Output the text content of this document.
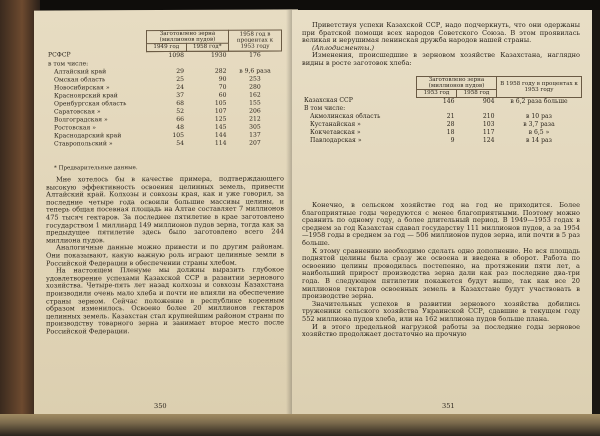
	Заготовлено зерна (миллионов пудов)		1958 год в процентах к 1953 году
	1949 год	1958 год*	
РСФСР	1098	1930	176
в том числе:			
Алтайский край	29	282	в 9,6 раза
Омская область	25	90	253
Новосибирская »	24	70	280
Красноярский край	37	60	162
Оренбургская область	68	105	155
Саратовская »	52	107	206
Волгоградская »	66	125	212
Ростовская »	48	145	305
Краснодарский край	105	144	137
Ставропольский »	54	114	207
* Предварительные данные.

Мне хотелось бы в качестве примера, подтверждающего высокую эффективность освоения целинных земель, привести Алтайский край. Колхозы и совхозы края, как и уже говорил, за последние четыре года освоили большие массивы целины, и теперь общая посевная площадь на Алтае составляет 7 миллионов 475 тысяч гектаров. За последнее пятилетие в крае заготовлено государством 1 миллиард 149 миллионов пудов зерна, тогда как за предыдущее пятилетие здесь было заготовлено всего 244 миллиона пудов.

Аналогичные данные можно привести и по другим районам. Они показывают, какую важную роль играют целинные земли в Российской Федерации в обеспечении страны хлебом.

На настоящем Пленуме мы должны выразить глубокое удовлетворение успехами Казахской ССР в развитии зернового хозяйства. Четыре-пять лет назад колхозы и совхозы Казахстана производили очень мало хлеба и почти не влияли на обеспечение страны зерном. Сейчас положение в республике коренным образом изменилось. Освоено более 20 миллионов гектаров целинных земель. Казахстан стал крупнейшим районом страны по производству товарного зерна и занимает второе место после Российской Федерации.

350

Приветствуя успехи Казахской ССР, надо подчеркнуть, что они одержаны при братской помощи всех народов Советского Союза. В этом проявилась великая и нерушимая ленинская дружба народов нашей страны.

(Аплодисменты.)

Изменения, происшедшие в зерновом хозяйстве Казахстана, наглядно видны в росте заготовок хлеба:

	Заготовлено зерна (миллионов пудов)		В 1958 году в процентах к 1953 году
	1953 год	1958 год	
Казахская ССР	146	904	в 6,2 раза больше
В том числе:			
Акмолинская область	21	210	в 10 раз
Кустанайская »	28	103	в 3,7 раза
Кокчетавская »	18	117	в 6,5 »
Павлодарская »	9	124	в 14 раз

Конечно, в сельском хозяйстве год на год не приходится. Более благоприятные годы чередуются с менее благоприятными. Поэтому можно сравнить по одному году, а более длительный период. В 1949—1953 годах в среднем за год Казахстан сдавал государству 111 миллионов пудов, а за 1954—1958 годы в среднем за год — 506 миллионов пудов зерна, или почти в 5 раз больше.

К этому сравнению необходимо сделать одно дополнение. Не вся площадь поднятой целины была сразу же освоена и введена в оборот. Работа по освоению целины проводилась постепенно, на протяжении пяти лет, а наибольший прирост производства зерна дали как раз последние два-три года. В следующем пятилетии покажется будут выше, так как все 20 миллионов гектаров освоенных земель в Казахстане будут участвовать в производстве зерна.

Значительных успехов в развитии зернового хозяйства добились труженики сельского хозяйства Украинской ССР, сдавшие в текущем году 552 миллиона пудов хлеба, или на 162 миллиона пудов больше плана.

И в этого предельной нагрузкой работы за последние годы зерновое хозяйство продолжает достаточно на прочную

351
